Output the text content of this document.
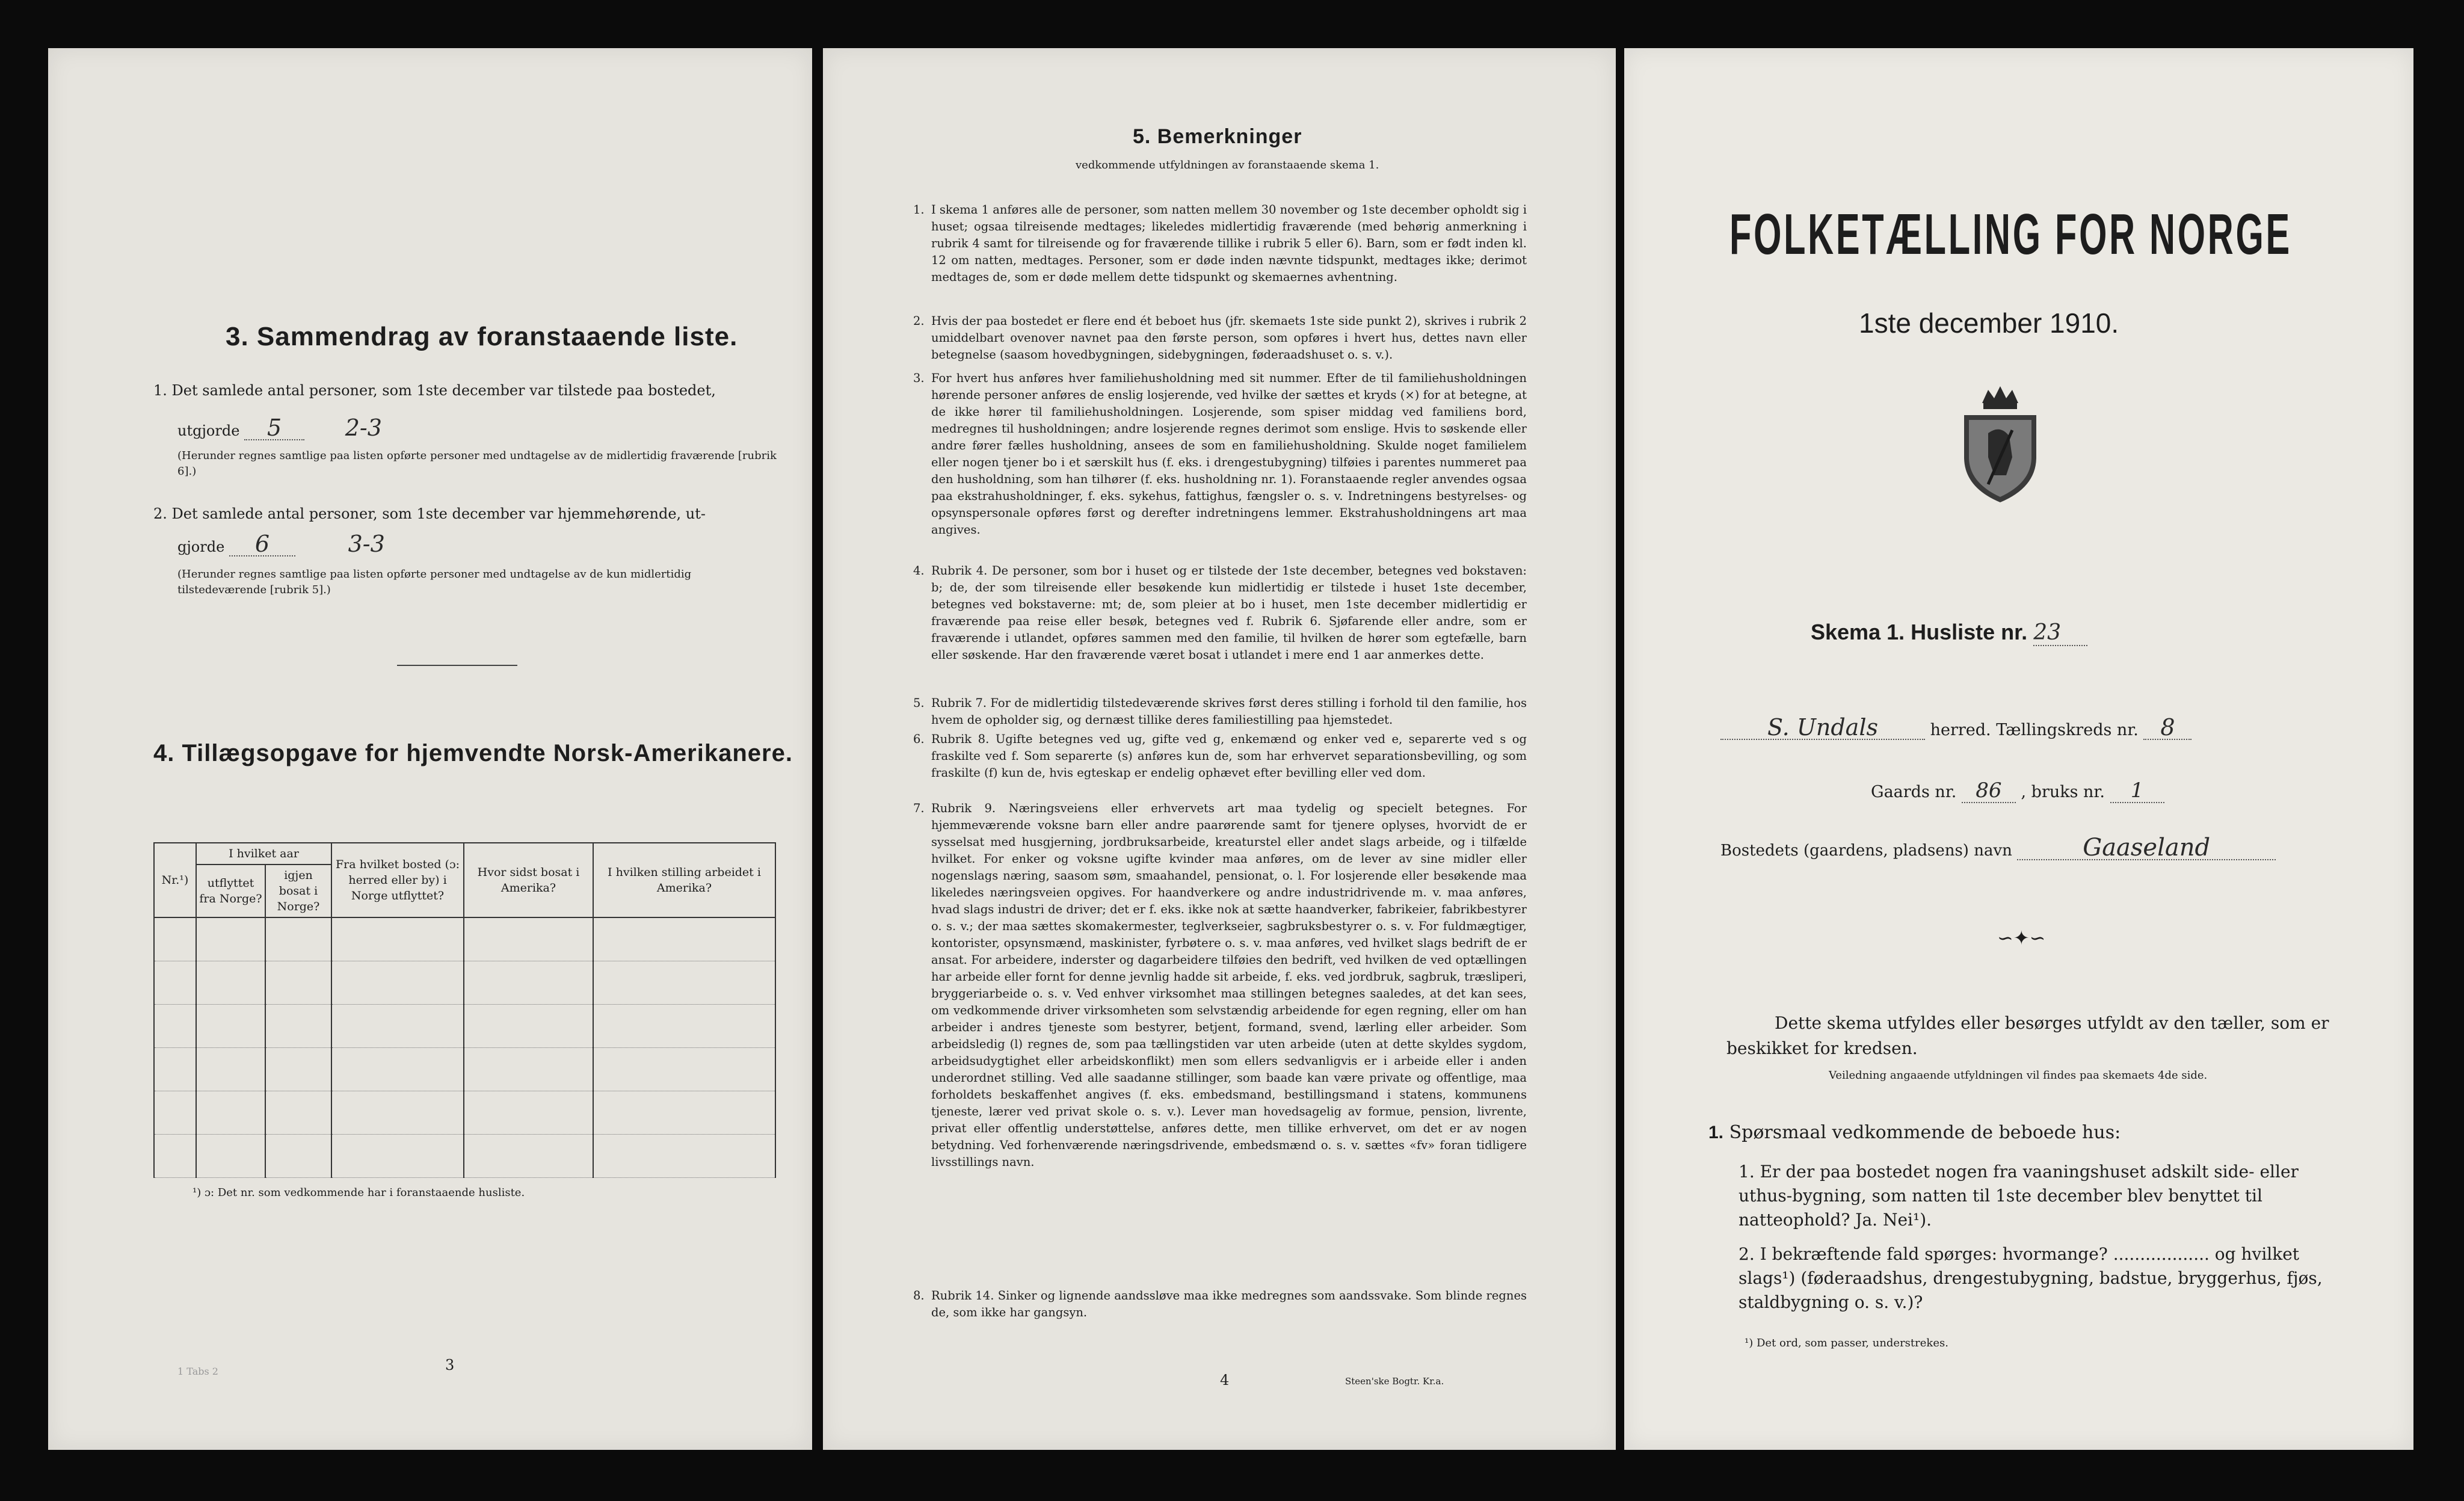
3. Sammendrag av foranstaaende liste.
1. Det samlede antal personer, som 1ste december var tilstede paa bostedet,
utgjorde 5	2-3
(Herunder regnes samtlige paa listen opførte personer med undtagelse av de midlertidig fraværende [rubrik 6].)
2. Det samlede antal personer, som 1ste december var hjemmehørende, ut-
gjorde 6	3-3
(Herunder regnes samtlige paa listen opførte personer med undtagelse av de kun midlertidig tilstedeværende [rubrik 5].)
4. Tillægsopgave for hjemvendte Norsk-Amerikanere.
Nr.¹)	I hvilket aar		Fra hvilket bosted (ɔ: herred eller by) i Norge utflyttet?	Hvor sidst bosat i Amerika?	I hvilken stilling arbeidet i Amerika?
	utflyttet fra Norge?	igjen bosat i Norge?			

¹) ɔ: Det nr. som vedkommende har i foranstaaende husliste.
3
1 Tabs 2
5. Bemerkninger
vedkommende utfyldningen av foranstaaende skema 1.
1. I skema 1 anføres alle de personer, som natten mellem 30 november og 1ste december opholdt sig i huset; ogsaa tilreisende medtages; likeledes midlertidig fraværende (med behørig anmerkning i rubrik 4 samt for tilreisende og for fraværende tillike i rubrik 5 eller 6). Barn, som er født inden kl. 12 om natten, medtages. Personer, som er døde inden nævnte tidspunkt, medtages ikke; derimot medtages de, som er døde mellem dette tidspunkt og skemaernes avhentning.
2. Hvis der paa bostedet er flere end ét beboet hus (jfr. skemaets 1ste side punkt 2), skrives i rubrik 2 umiddelbart ovenover navnet paa den første person, som opføres i hvert hus, dettes navn eller betegnelse (saasom hovedbygningen, sidebygningen, føderaadshuset o. s. v.).
3. For hvert hus anføres hver familiehusholdning med sit nummer. Efter de til familiehusholdningen hørende personer anføres de enslig losjerende, ved hvilke der sættes et kryds (×) for at betegne, at de ikke hører til familiehusholdningen. Losjerende, som spiser middag ved familiens bord, medregnes til husholdningen; andre losjerende regnes derimot som enslige. Hvis to søskende eller andre fører fælles husholdning, ansees de som en familiehusholdning. Skulde noget familielem eller nogen tjener bo i et særskilt hus (f. eks. i drengestubygning) tilføies i parentes nummeret paa den husholdning, som han tilhører (f. eks. husholdning nr. 1). Foranstaaende regler anvendes ogsaa paa ekstrahusholdninger, f. eks. sykehus, fattighus, fængsler o. s. v. Indretningens bestyrelses- og opsynspersonale opføres først og derefter indretningens lemmer. Ekstrahusholdningens art maa angives.
4. Rubrik 4. De personer, som bor i huset og er tilstede der 1ste december, betegnes ved bokstaven: b; de, der som tilreisende eller besøkende kun midlertidig er tilstede i huset 1ste december, betegnes ved bokstaverne: mt; de, som pleier at bo i huset, men 1ste december midlertidig er fraværende paa reise eller besøk, betegnes ved f. Rubrik 6. Sjøfarende eller andre, som er fraværende i utlandet, opføres sammen med den familie, til hvilken de hører som egtefælle, barn eller søskende. Har den fraværende været bosat i utlandet i mere end 1 aar anmerkes dette.
5. Rubrik 7. For de midlertidig tilstedeværende skrives først deres stilling i forhold til den familie, hos hvem de opholder sig, og dernæst tillike deres familiestilling paa hjemstedet.
6. Rubrik 8. Ugifte betegnes ved ug, gifte ved g, enkemænd og enker ved e, separerte ved s og fraskilte ved f. Som separerte (s) anføres kun de, som har erhvervet separationsbevilling, og som fraskilte (f) kun de, hvis egteskap er endelig ophævet efter bevilling eller ved dom.
7. Rubrik 9. Næringsveiens eller erhvervets art maa tydelig og specielt betegnes. For hjemmeværende voksne barn eller andre paarørende samt for tjenere oplyses, hvorvidt de er sysselsat med husgjerning, jordbruksarbeide, kreaturstel eller andet slags arbeide, og i tilfælde hvilket. For enker og voksne ugifte kvinder maa anføres, om de lever av sine midler eller nogenslags næring, saasom søm, smaahandel, pensionat, o. l. For losjerende eller besøkende maa likeledes næringsveien opgives. For haandverkere og andre industridrivende m. v. maa anføres, hvad slags industri de driver; det er f. eks. ikke nok at sætte haandverker, fabrikeier, fabrikbestyrer o. s. v.; der maa sættes skomakermester, teglverkseier, sagbruksbestyrer o. s. v. For fuldmægtiger, kontorister, opsynsmænd, maskinister, fyrbøtere o. s. v. maa anføres, ved hvilket slags bedrift de er ansat. For arbeidere, inderster og dagarbeidere tilføies den bedrift, ved hvilken de ved optællingen har arbeide eller fornt for denne jevnlig hadde sit arbeide, f. eks. ved jordbruk, sagbruk, træsliperi, bryggeriarbeide o. s. v. Ved enhver virksomhet maa stillingen betegnes saaledes, at det kan sees, om vedkommende driver virksomheten som selvstændig arbeidende for egen regning, eller om han arbeider i andres tjeneste som bestyrer, betjent, formand, svend, lærling eller arbeider. Som arbeidsledig (l) regnes de, som paa tællingstiden var uten arbeide (uten at dette skyldes sygdom, arbeidsudygtighet eller arbeidskonflikt) men som ellers sedvanligvis er i arbeide eller i anden underordnet stilling. Ved alle saadanne stillinger, som baade kan være private og offentlige, maa forholdets beskaffenhet angives (f. eks. embedsmand, bestillingsmand i statens, kommunens tjeneste, lærer ved privat skole o. s. v.). Lever man hovedsagelig av formue, pension, livrente, privat eller offentlig understøttelse, anføres dette, men tillike erhvervet, om det er av nogen betydning. Ved forhenværende næringsdrivende, embedsmænd o. s. v. sættes «fv» foran tidligere livsstillings navn.
8. Rubrik 14. Sinker og lignende aandssløve maa ikke medregnes som aandssvake. Som blinde regnes de, som ikke har gangsyn.
4	Steen'ske Bogtr. Kr.a.
FOLKETÆLLING FOR NORGE
1ste december 1910.
Skema 1. Husliste nr. 23
S. Undals	herred. Tællingskreds nr. 8
Gaards nr. 86 , bruks nr. 1
Bostedets (gaardens, pladsens) navn	Gaaseland
∽✦∽
Dette skema utfyldes eller besørges utfyldt av den tæller, som er beskikket for kredsen.
Veiledning angaaende utfyldningen vil findes paa skemaets 4de side.
1. Spørsmaal vedkommende de beboede hus:
1. Er der paa bostedet nogen fra vaaningshuset adskilt side- eller uthus-bygning, som natten til 1ste december blev benyttet til natteophold? Ja. Nei¹).
2. I bekræftende fald spørges: hvormange? .................. og hvilket slags¹) (føderaadshus, drengestubygning, badstue, bryggerhus, fjøs, staldbygning o. s. v.)?
¹) Det ord, som passer, understrekes.
